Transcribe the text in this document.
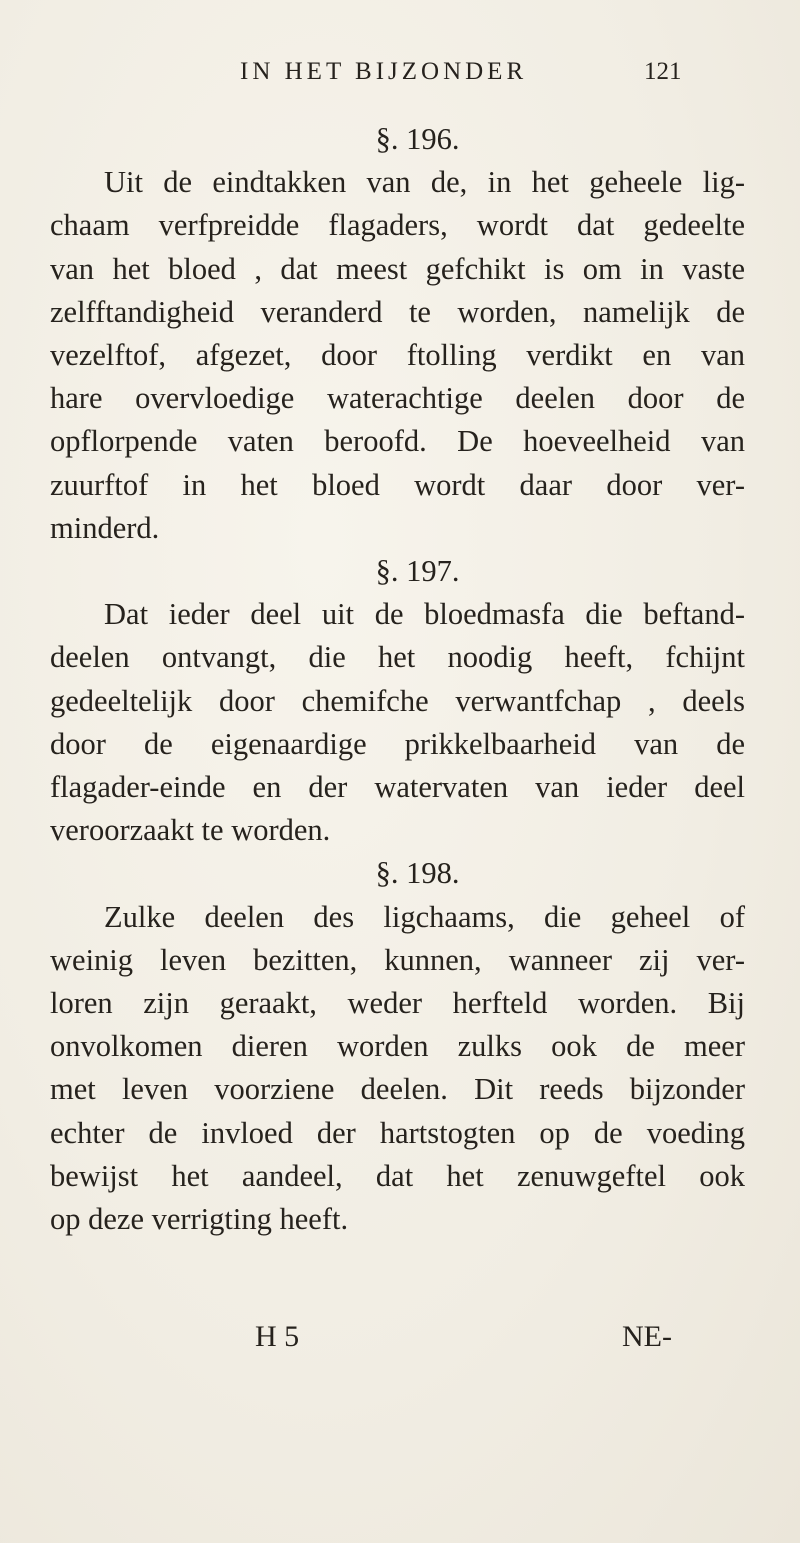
IN HET BIJZONDER	121
§. 196.
Uit de eindtakken van de, in het geheele lig-
chaam verfpreidde flagaders, wordt dat gedeelte
van het bloed , dat meest gefchikt is om in vaste
zelfftandigheid veranderd te worden, namelijk de
vezelftof, afgezet, door ftolling verdikt en van
hare overvloedige waterachtige deelen door de
opflorpende vaten beroofd. De hoeveelheid van
zuurftof in het bloed wordt daar door ver-
minderd.
§. 197.
Dat ieder deel uit de bloedmasfa die beftand-
deelen ontvangt, die het noodig heeft, fchijnt
gedeeltelijk door chemifche verwantfchap , deels
door de eigenaardige prikkelbaarheid van de
flagader-einde en der watervaten van ieder deel
veroorzaakt te worden.
§. 198.
Zulke deelen des ligchaams, die geheel of
weinig leven bezitten, kunnen, wanneer zij ver-
loren zijn geraakt, weder herfteld worden. Bij
onvolkomen dieren worden zulks ook de meer
met leven voorziene deelen. Dit reeds bijzonder
echter de invloed der hartstogten op de voeding
bewijst het aandeel, dat het zenuwgeftel ook
op deze verrigting heeft.
H 5	NE-
